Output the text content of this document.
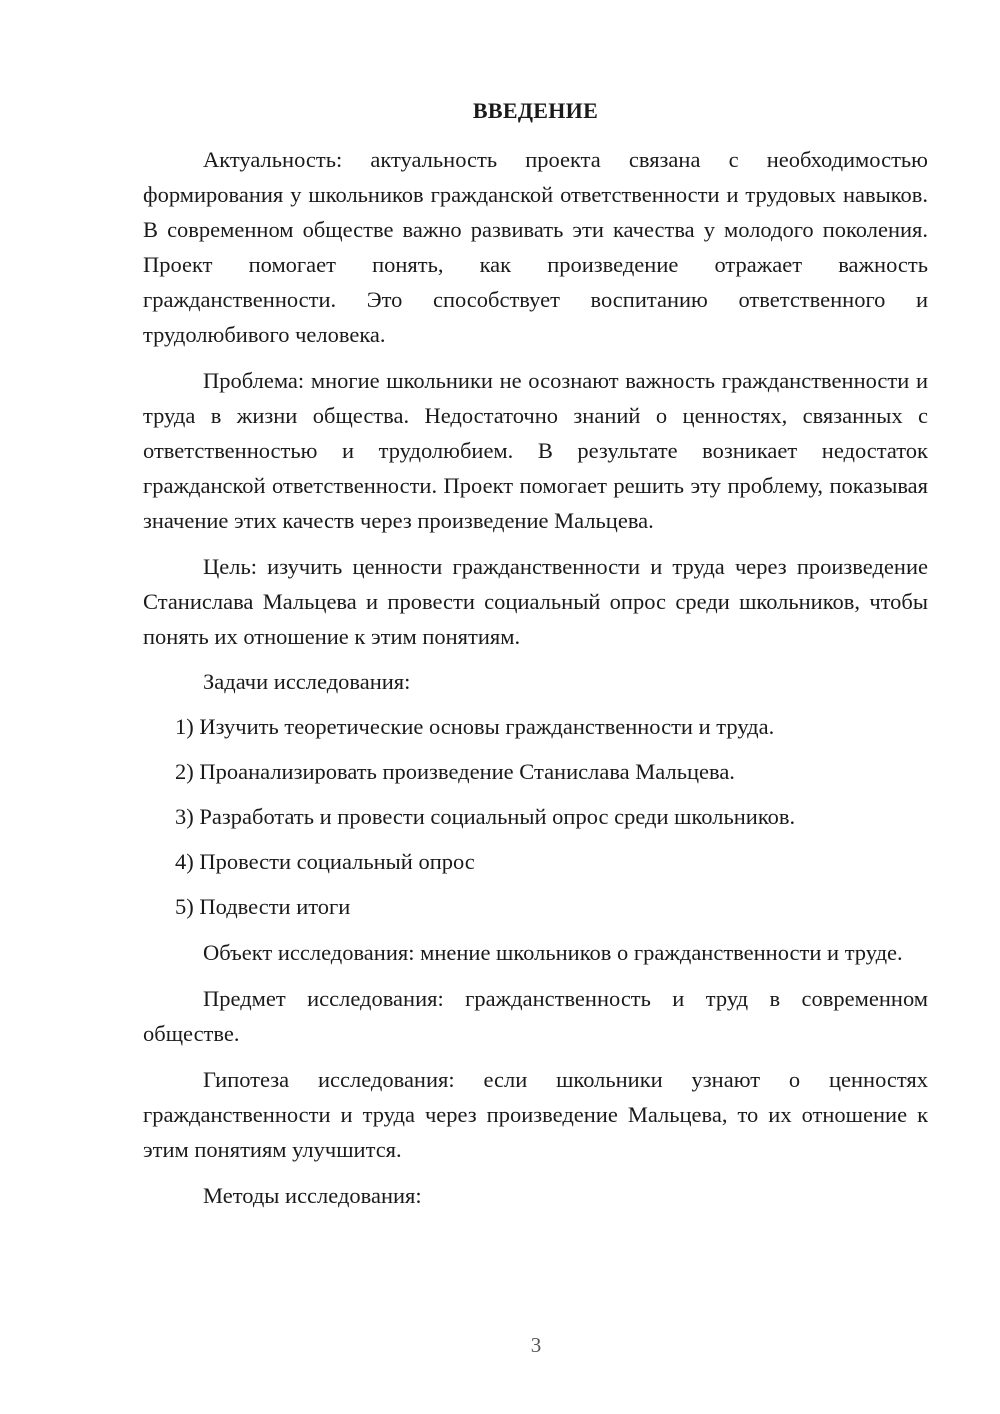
ВВЕДЕНИЕ

Актуальность: актуальность проекта связана с необходимостью формирования у школьников гражданской ответственности и трудовых навыков. В современном обществе важно развивать эти качества у молодого поколения. Проект помогает понять, как произведение отражает важность гражданственности. Это способствует воспитанию ответственного и трудолюбивого человека.

Проблема: многие школьники не осознают важность гражданственности и труда в жизни общества. Недостаточно знаний о ценностях, связанных с ответственностью и трудолюбием. В результате возникает недостаток гражданской ответственности. Проект помогает решить эту проблему, показывая значение этих качеств через произведение Мальцева.

Цель: изучить ценности гражданственности и труда через произведение Станислава Мальцева и провести социальный опрос среди школьников, чтобы понять их отношение к этим понятиям.

Задачи исследования:

1) Изучить теоретические основы гражданственности и труда.

2) Проанализировать произведение Станислава Мальцева.

3) Разработать и провести социальный опрос среди школьников.

4) Провести социальный опрос

5) Подвести итоги

Объект исследования: мнение школьников о гражданственности и труде.

Предмет исследования: гражданственность и труд в современном обществе.

Гипотеза исследования: если школьники узнают о ценностях гражданственности и труда через произведение Мальцева, то их отношение к этим понятиям улучшится.

Методы исследования:

3
